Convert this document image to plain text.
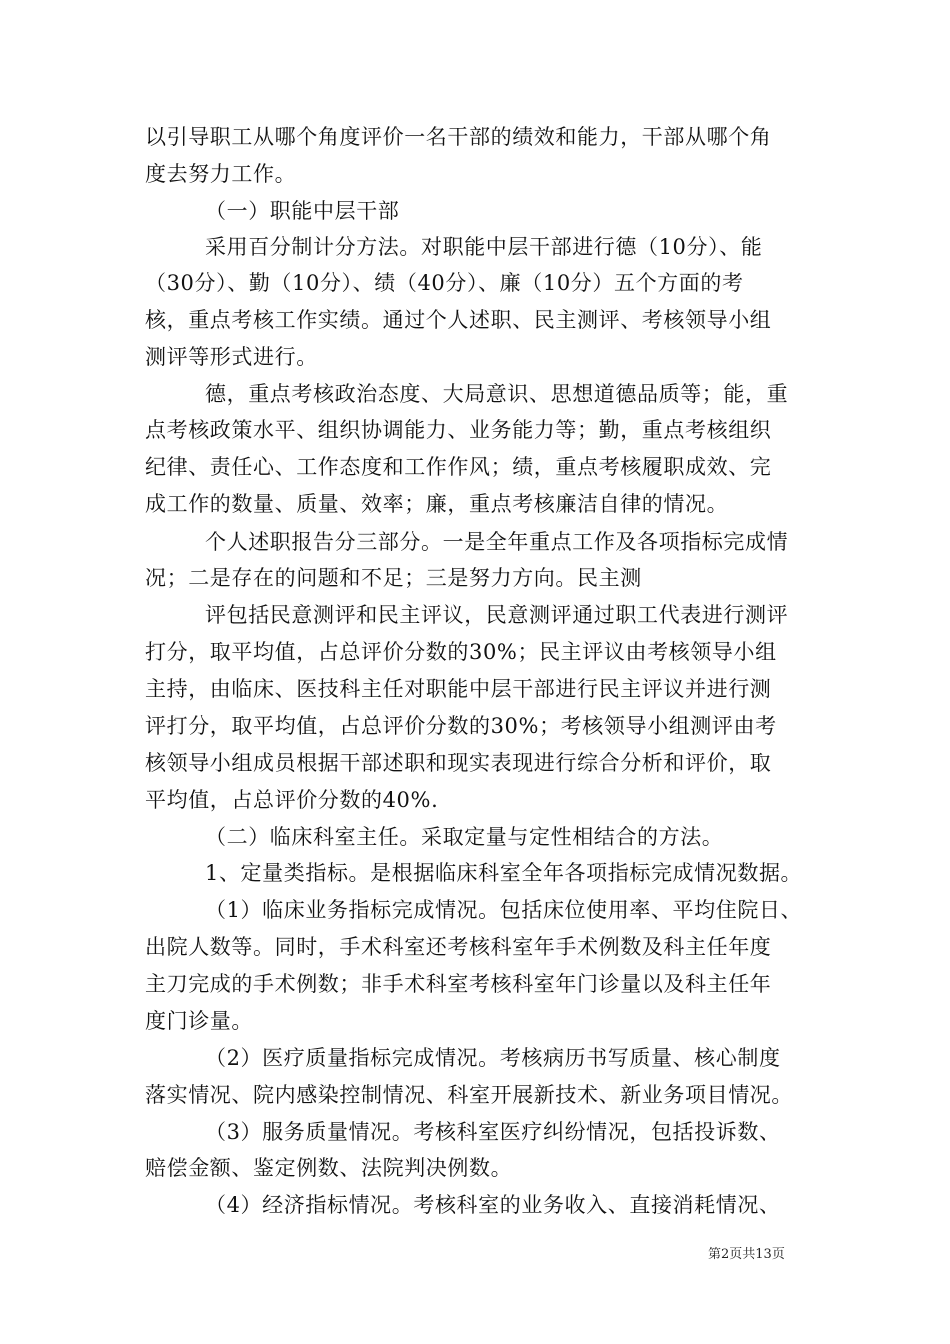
以引导职工从哪个角度评价一名干部的绩效和能力，干部从哪个角
度去努力工作。
（一）职能中层干部
采用百分制计分方法。对职能中层干部进行德（10分）、能
（30分）、勤（10分）、绩（40分）、廉（10分）五个方面的考
核，重点考核工作实绩。通过个人述职、民主测评、考核领导小组
测评等形式进行。
德，重点考核政治态度、大局意识、思想道德品质等；能，重
点考核政策水平、组织协调能力、业务能力等；勤，重点考核组织
纪律、责任心、工作态度和工作作风；绩，重点考核履职成效、完
成工作的数量、质量、效率；廉，重点考核廉洁自律的情况。
个人述职报告分三部分。一是全年重点工作及各项指标完成情
况；二是存在的问题和不足；三是努力方向。民主测
评包括民意测评和民主评议，民意测评通过职工代表进行测评
打分，取平均值，占总评价分数的30%；民主评议由考核领导小组
主持，由临床、医技科主任对职能中层干部进行民主评议并进行测
评打分，取平均值，占总评价分数的30%；考核领导小组测评由考
核领导小组成员根据干部述职和现实表现进行综合分析和评价，取
平均值，占总评价分数的40%.
（二）临床科室主任。采取定量与定性相结合的方法。
1、定量类指标。是根据临床科室全年各项指标完成情况数据。
（1）临床业务指标完成情况。包括床位使用率、平均住院日、
出院人数等。同时，手术科室还考核科室年手术例数及科主任年度
主刀完成的手术例数；非手术科室考核科室年门诊量以及科主任年
度门诊量。
（2）医疗质量指标完成情况。考核病历书写质量、核心制度
落实情况、院内感染控制情况、科室开展新技术、新业务项目情况。
（3）服务质量情况。考核科室医疗纠纷情况，包括投诉数、
赔偿金额、鉴定例数、法院判决例数。
（4）经济指标情况。考核科室的业务收入、直接消耗情况、
第2页共13页
